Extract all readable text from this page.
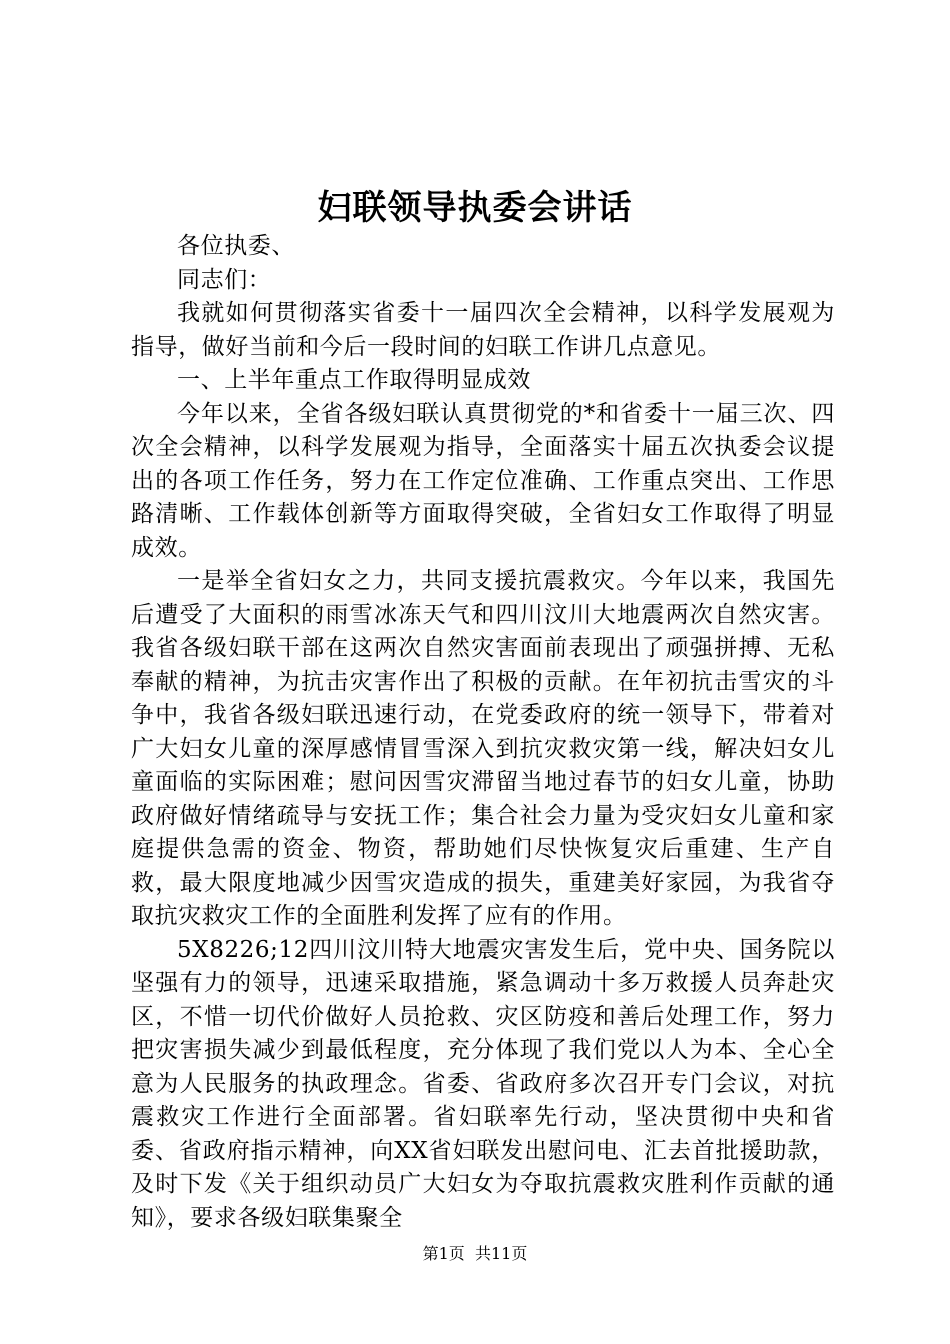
妇联领导执委会讲话

各位执委、

同志们：

我就如何贯彻落实省委十一届四次全会精神，以科学发展观为指导，做好当前和今后一段时间的妇联工作讲几点意见。

一、上半年重点工作取得明显成效

今年以来，全省各级妇联认真贯彻党的*和省委十一届三次、四次全会精神，以科学发展观为指导，全面落实十届五次执委会议提出的各项工作任务，努力在工作定位准确、工作重点突出、工作思路清晰、工作载体创新等方面取得突破，全省妇女工作取得了明显成效。

一是举全省妇女之力，共同支援抗震救灾。今年以来，我国先后遭受了大面积的雨雪冰冻天气和四川汶川大地震两次自然灾害。我省各级妇联干部在这两次自然灾害面前表现出了顽强拼搏、无私奉献的精神，为抗击灾害作出了积极的贡献。在年初抗击雪灾的斗争中，我省各级妇联迅速行动，在党委政府的统一领导下，带着对广大妇女儿童的深厚感情冒雪深入到抗灾救灾第一线，解决妇女儿童面临的实际困难；慰问因雪灾滞留当地过春节的妇女儿童，协助政府做好情绪疏导与安抚工作；集合社会力量为受灾妇女儿童和家庭提供急需的资金、物资，帮助她们尽快恢复灾后重建、生产自救，最大限度地减少因雪灾造成的损失，重建美好家园，为我省夺取抗灾救灾工作的全面胜利发挥了应有的作用。

5X8226;12四川汶川特大地震灾害发生后，党中央、国务院以坚强有力的领导，迅速采取措施，紧急调动十多万救援人员奔赴灾区，不惜一切代价做好人员抢救、灾区防疫和善后处理工作，努力把灾害损失减少到最低程度，充分体现了我们党以人为本、全心全意为人民服务的执政理念。省委、省政府多次召开专门会议，对抗震救灾工作进行全面部署。省妇联率先行动，坚决贯彻中央和省委、省政府指示精神，向XX省妇联发出慰问电、汇去首批援助款，及时下发《关于组织动员广大妇女为夺取抗震救灾胜利作贡献的通知》，要求各级妇联集聚全

第1页 共11页
